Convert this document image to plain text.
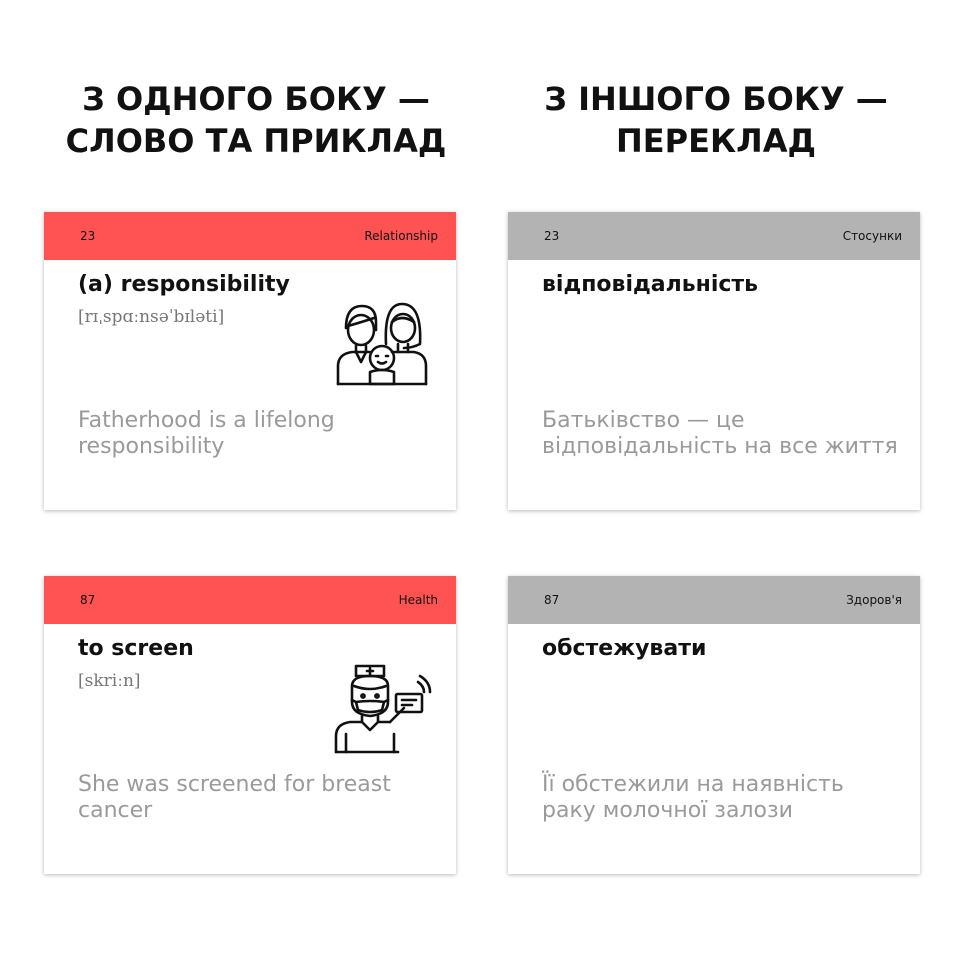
З ОДНОГО БОКУ —
СЛОВО ТА ПРИКЛАД
З ІНШОГО БОКУ —
ПЕРЕКЛАД
23	Relationship
(a) responsibility
[rɪˌspɑːnsəˈbɪləti]
Fatherhood is a lifelong responsibility
23	Стосунки
відповідальність
Батьківство — це відповідальність на все життя
87	Health
to screen
[skriːn]
She was screened for breast cancer
87	Здоров'я
обстежувати
Її обстежили на наявність раку молочної залози
